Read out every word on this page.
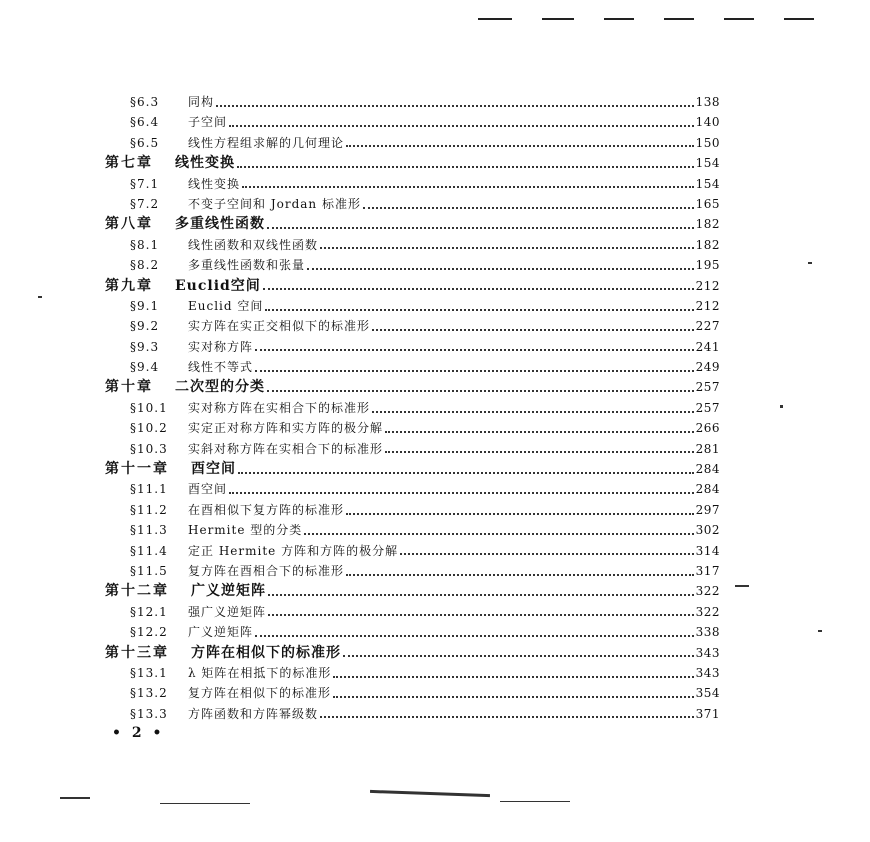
§6.3	同构	138
§6.4	子空间	140
§6.5	线性方程组求解的几何理论	150
第七章 线性变换	154
§7.1	线性变换	154
§7.2	不变子空间和 Jordan 标准形	165
第八章 多重线性函数	182
§8.1	线性函数和双线性函数	182
§8.2	多重线性函数和张量	195
第九章 Euclid空间	212
§9.1	Euclid 空间	212
§9.2	实方阵在实正交相似下的标准形	227
§9.3	实对称方阵	241
§9.4	线性不等式	249
第十章 二次型的分类	257
§10.1	实对称方阵在实相合下的标准形	257
§10.2	实定正对称方阵和实方阵的极分解	266
§10.3	实斜对称方阵在实相合下的标准形	281
第十一章 酉空间	284
§11.1	酉空间	284
§11.2	在酉相似下复方阵的标准形	297
§11.3	Hermite 型的分类	302
§11.4	定正 Hermite 方阵和方阵的极分解	314
§11.5	复方阵在酉相合下的标准形	317
第十二章 广义逆矩阵	322
§12.1	强广义逆矩阵	322
§12.2	广义逆矩阵	338
第十三章 方阵在相似下的标准形	343
§13.1	λ 矩阵在相抵下的标准形	343
§13.2	复方阵在相似下的标准形	354
§13.3	方阵函数和方阵幂级数	371
• 2 •
